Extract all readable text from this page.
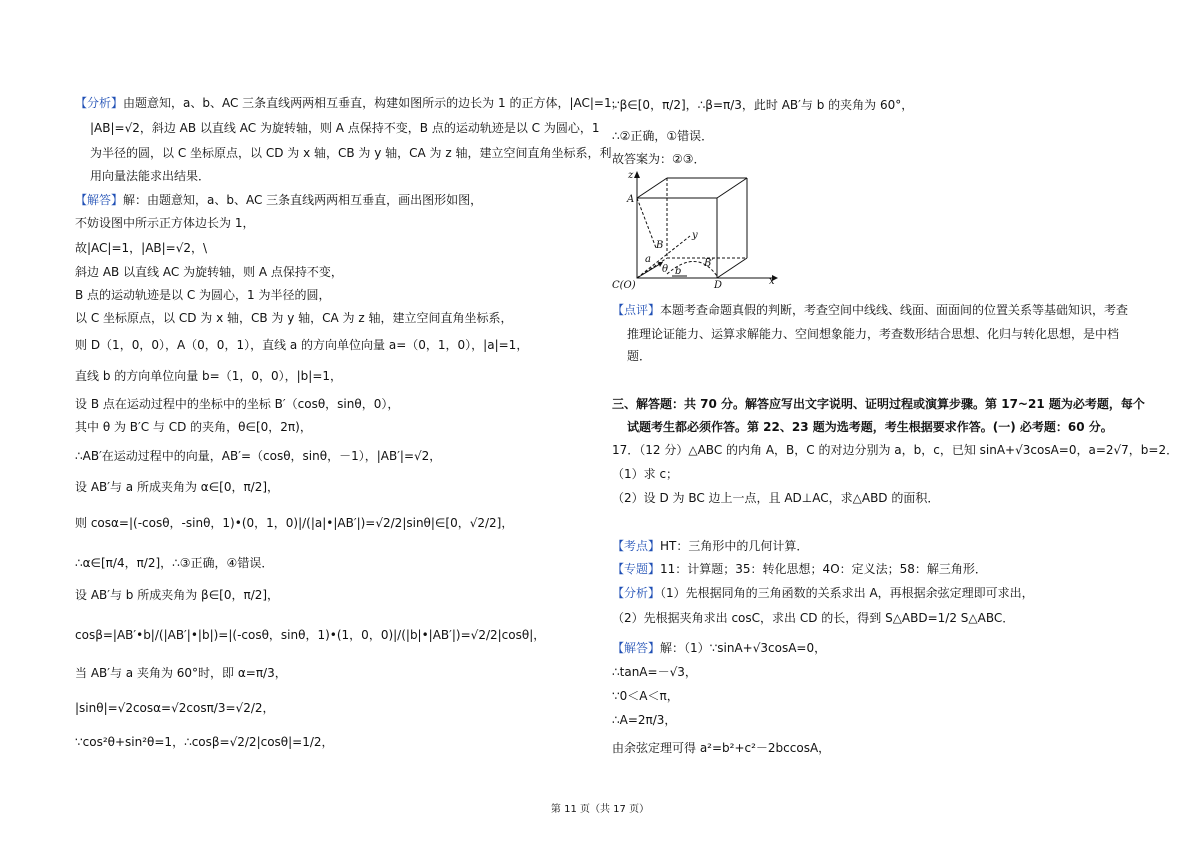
【分析】由题意知，a、b、AC 三条直线两两相互垂直，构建如图所示的边长为 1 的正方体，|AC|=1，
|AB|=√2，斜边 AB 以直线 AC 为旋转轴，则 A 点保持不变，B 点的运动轨迹是以 C 为圆心，1
为半径的圆，以 C 坐标原点，以 CD 为 x 轴，CB 为 y 轴，CA 为 z 轴，建立空间直角坐标系，利
用向量法能求出结果．
【解答】解：由题意知，a、b、AC 三条直线两两相互垂直，画出图形如图，
不妨设图中所示正方体边长为 1，
故|AC|=1，|AB|=√2，\
斜边 AB 以直线 AC 为旋转轴，则 A 点保持不变，
B 点的运动轨迹是以 C 为圆心，1 为半径的圆，
以 C 坐标原点，以 CD 为 x 轴，CB 为 y 轴，CA 为 z 轴，建立空间直角坐标系，
则 D（1，0，0），A（0，0，1），直线 a 的方向单位向量 a=（0，1，0），|a|=1，
直线 b 的方向单位向量 b=（1，0，0），|b|=1，
设 B 点在运动过程中的坐标中的坐标 B′（cosθ，sinθ，0），
其中 θ 为 B′C 与 CD 的夹角，θ∈[0，2π)，
∴AB′在运动过程中的向量，AB′=（cosθ，sinθ，－1），|AB′|=√2，
设 AB′与 a 所成夹角为 α∈[0，π/2]，
则 cosα=|(-cosθ，-sinθ，1)•(0，1，0)|/(|a|•|AB′|)=√2/2|sinθ|∈[0，√2/2]，
∴α∈[π/4，π/2]，∴③正确，④错误．
设 AB′与 b 所成夹角为 β∈[0，π/2]，
cosβ=|AB′•b|/(|AB′|•|b|)=|(-cosθ，sinθ，1)•(1，0，0)|/(|b|•|AB′|)=√2/2|cosθ|，
当 AB′与 a 夹角为 60°时，即 α=π/3，
|sinθ|=√2cosα=√2cosπ/3=√2/2，
∵cos²θ+sin²θ=1，∴cosβ=√2/2|cosθ|=1/2，
∵β∈[0，π/2]，∴β=π/3，此时 AB′与 b 的夹角为 60°，
∴②正确，①错误．
故答案为：②③．
z
A
y
B
a	B′
b
θ
C(O)	D	x
【点评】本题考查命题真假的判断，考查空间中线线、线面、面面间的位置关系等基础知识，考查
推理论证能力、运算求解能力、空间想象能力，考查数形结合思想、化归与转化思想，是中档
题．
三、解答题：共 70 分。解答应写出文字说明、证明过程或演算步骤。第 17~21 题为必考题，每个
试题考生都必须作答。第 22、23 题为选考题，考生根据要求作答。(一) 必考题：60 分。
17．（12 分）△ABC 的内角 A，B，C 的对边分别为 a，b，c，已知 sinA+√3cosA=0，a=2√7，b=2．
（1）求 c；
（2）设 D 为 BC 边上一点，且 AD⊥AC，求△ABD 的面积．
【考点】HT：三角形中的几何计算．
【专题】11：计算题；35：转化思想；4O：定义法；58：解三角形．
【分析】（1）先根据同角的三角函数的关系求出 A，再根据余弦定理即可求出，
（2）先根据夹角求出 cosC，求出 CD 的长，得到 S△ABD=1/2 S△ABC．
【解答】解：（1）∵sinA+√3cosA=0，
∴tanA=－√3，
∵0＜A＜π，
∴A=2π/3，
由余弦定理可得 a²=b²+c²－2bccosA，
第 11 页（共 17 页）
